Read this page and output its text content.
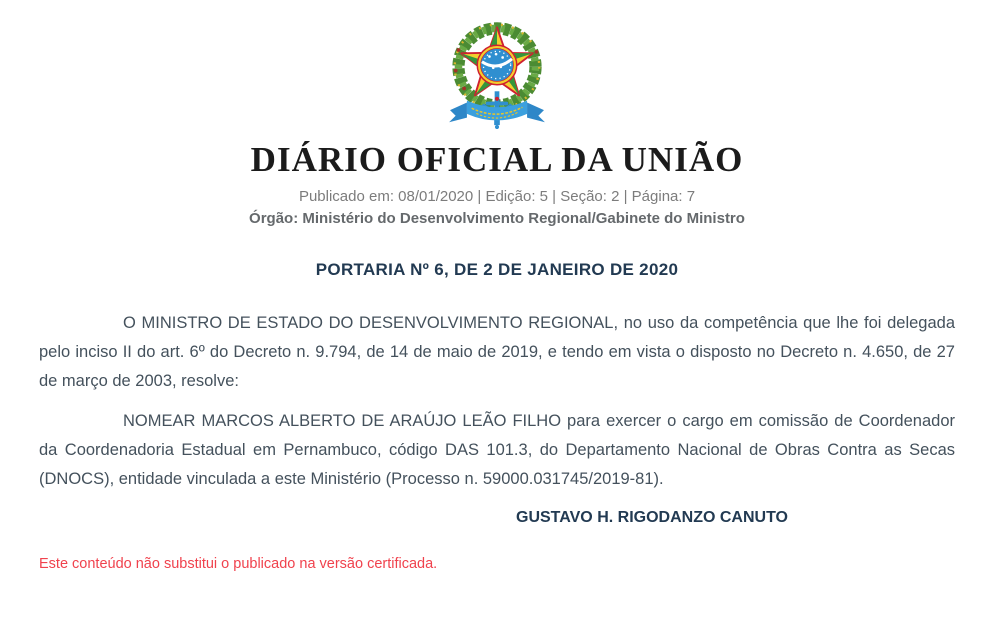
DIÁRIO OFICIAL DA UNIÃO
Publicado em: 08/01/2020 | Edição: 5 | Seção: 2 | Página: 7
Órgão: Ministério do Desenvolvimento Regional/Gabinete do Ministro
PORTARIA Nº 6, DE 2 DE JANEIRO DE 2020

O MINISTRO DE ESTADO DO DESENVOLVIMENTO REGIONAL, no uso da competência que lhe foi delegada pelo inciso II do art. 6º do Decreto n. 9.794, de 14 de maio de 2019, e tendo em vista o disposto no Decreto n. 4.650, de 27 de março de 2003, resolve:

NOMEAR MARCOS ALBERTO DE ARAÚJO LEÃO FILHO para exercer o cargo em comissão de Coordenador da Coordenadoria Estadual em Pernambuco, código DAS 101.3, do Departamento Nacional de Obras Contra as Secas (DNOCS), entidade vinculada a este Ministério (Processo n. 59000.031745/2019-81).

GUSTAVO H. RIGODANZO CANUTO
Este conteúdo não substitui o publicado na versão certificada.
